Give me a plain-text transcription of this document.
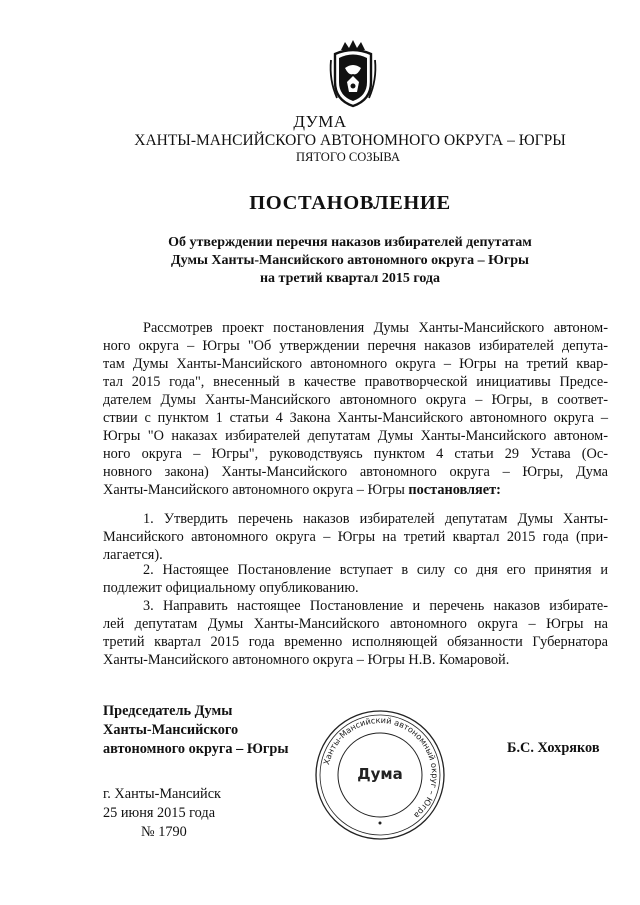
ДУМА
ХАНТЫ-МАНСИЙСКОГО АВТОНОМНОГО ОКРУГА – ЮГРЫ
ПЯТОГО СОЗЫВА
ПОСТАНОВЛЕНИЕ
Об утверждении перечня наказов избирателей депутатам
Думы Ханты-Мансийского автономного округа – Югры
на третий квартал 2015 года
Рассмотрев проект постановления Думы Ханты-Мансийского автоном-
ного округа – Югры "Об утверждении перечня наказов избирателей депута-
там Думы Ханты-Мансийского автономного округа – Югры на третий квар-
тал 2015 года", внесенный в качестве правотворческой инициативы Предсе-
дателем Думы Ханты-Мансийского автономного округа – Югры, в соответ-
ствии с пунктом 1 статьи 4 Закона Ханты-Мансийского автономного округа –
Югры "О наказах избирателей депутатам Думы Ханты-Мансийского автоном-
ного округа – Югры", руководствуясь пунктом 4 статьи 29 Устава (Ос-
новного закона) Ханты-Мансийского автономного округа – Югры, Дума
Ханты-Мансийского автономного округа – Югры постановляет:
1. Утвердить перечень наказов избирателей депутатам Думы Ханты-
Мансийского автономного округа – Югры на третий квартал 2015 года (при-
лагается).
2. Настоящее Постановление вступает в силу со дня его принятия и
подлежит официальному опубликованию.
3. Направить настоящее Постановление и перечень наказов избирате-
лей депутатам Думы Ханты-Мансийского автономного округа – Югры на
третий квартал 2015 года временно исполняющей обязанности Губернатора
Ханты-Мансийского автономного округа – Югры Н.В. Комаровой.
Председатель Думы
Ханты-Мансийского
автономного округа – Югры
Ханты-Мансийский автономный округ – Югра
Дума
Б.С. Хохряков
г. Ханты-Мансийск
25 июня 2015 года
№ 1790
